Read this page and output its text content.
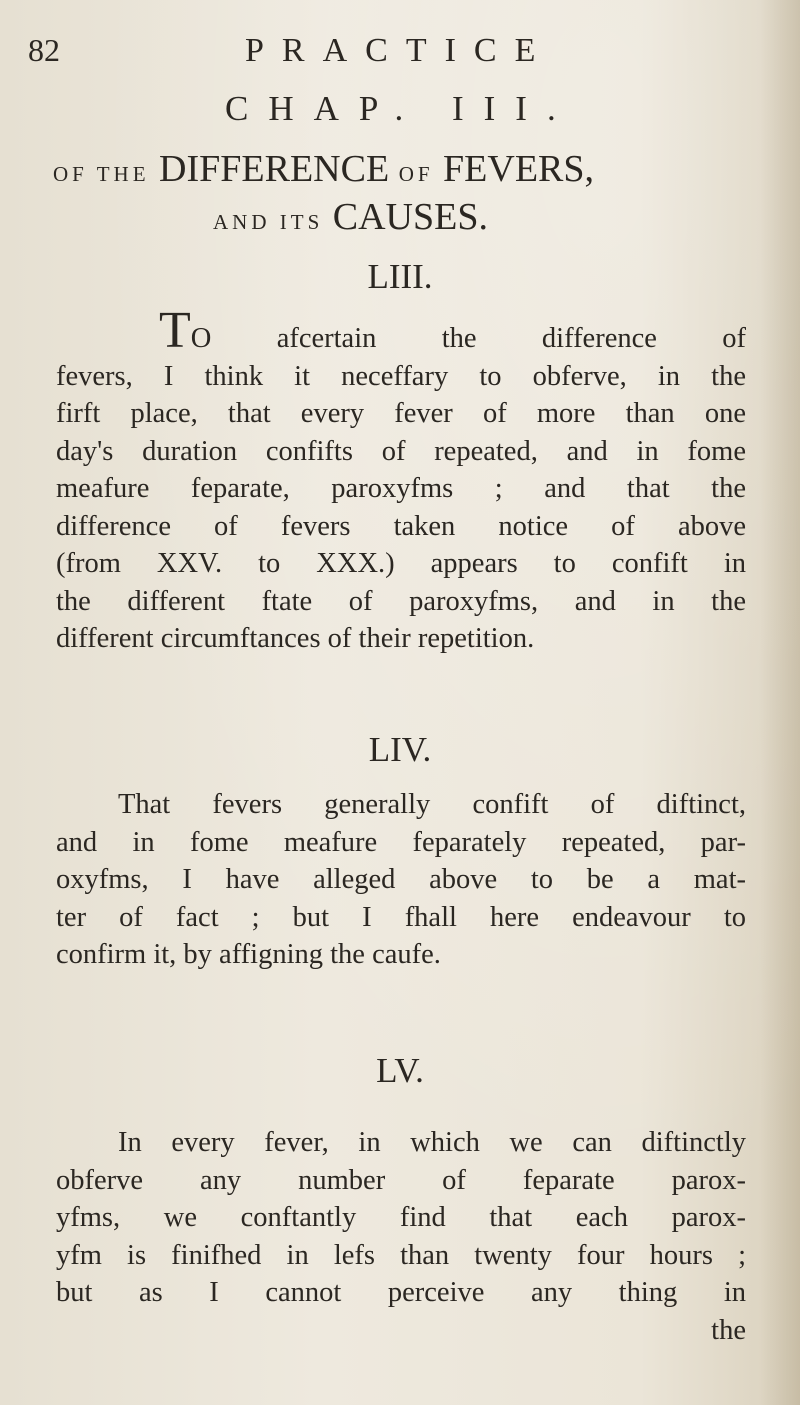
82	PRACTICE
CHAP. III.
OF THE DIFFERENCE OF FEVERS,
AND ITS CAUSES.
LIII.
TO afcertain the difference of
fevers, I think it neceffary to obferve, in the
firft place, that every fever of more than one
day's duration confifts of repeated, and in fome
meafure feparate, paroxyfms ; and that the
difference of fevers taken notice of above
(from XXV. to XXX.) appears to confift in
the different ftate of paroxyfms, and in the
different circumftances of their repetition.
LIV.
That fevers generally confift of diftinct,
and in fome meafure feparately repeated, par-
oxyfms, I have alleged above to be a mat-
ter of fact ; but I fhall here endeavour to
confirm it, by affigning the caufe.
LV.
In every fever, in which we can diftinctly
obferve any number of feparate parox-
yfms, we conftantly find that each parox-
yfm is finifhed in lefs than twenty four hours ;
but as I cannot perceive any thing in
the
